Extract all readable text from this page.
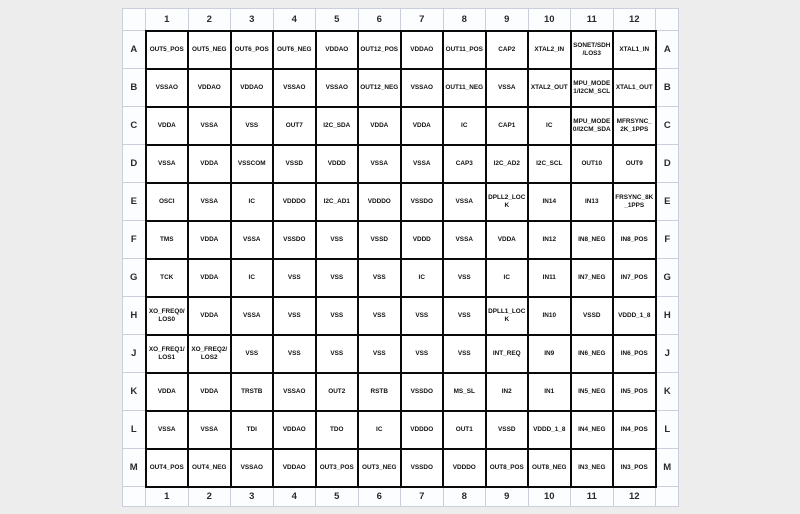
	1	2	3	4	5	6	7	8	9	10	11	12	
A	OUT5_POS	OUT5_NEG	OUT6_POS	OUT6_NEG	VDDAO	OUT12_POS	VDDAO	OUT11_POS	CAP2	XTAL2_IN	SONET/SDH/LOS3	XTAL1_IN	A
B	VSSAO	VDDAO	VDDAO	VSSAO	VSSAO	OUT12_NEG	VSSAO	OUT11_NEG	VSSA	XTAL2_OUT	MPU_MODE1/I2CM_SCL	XTAL1_OUT	B
C	VDDA	VSSA	VSS	OUT7	I2C_SDA	VDDA	VDDA	IC	CAP1	IC	MPU_MODE0/I2CM_SDA	MFRSYNC_2K_1PPS	C
D	VSSA	VDDA	VSSCOM	VSSD	VDDD	VSSA	VSSA	CAP3	I2C_AD2	I2C_SCL	OUT10	OUT9	D
E	OSCI	VSSA	IC	VDDDO	I2C_AD1	VDDDO	VSSDO	VSSA	DPLL2_LOCK	IN14	IN13	FRSYNC_8K_1PPS	E
F	TMS	VDDA	VSSA	VSSDO	VSS	VSSD	VDDD	VSSA	VDDA	IN12	IN8_NEG	IN8_POS	F
G	TCK	VDDA	IC	VSS	VSS	VSS	IC	VSS	IC	IN11	IN7_NEG	IN7_POS	G
H	XO_FREQ0/LOS0	VDDA	VSSA	VSS	VSS	VSS	VSS	VSS	DPLL1_LOCK	IN10	VSSD	VDDD_1_8	H
J	XO_FREQ1/LOS1	XO_FREQ2/LOS2	VSS	VSS	VSS	VSS	VSS	VSS	INT_REQ	IN9	IN6_NEG	IN6_POS	J
K	VDDA	VDDA	TRSTB	VSSAO	OUT2	RSTB	VSSDO	MS_SL	IN2	IN1	IN5_NEG	IN5_POS	K
L	VSSA	VSSA	TDI	VDDAO	TDO	IC	VDDDO	OUT1	VSSD	VDDD_1_8	IN4_NEG	IN4_POS	L
M	OUT4_POS	OUT4_NEG	VSSAO	VDDAO	OUT3_POS	OUT3_NEG	VSSDO	VDDDO	OUT8_POS	OUT8_NEG	IN3_NEG	IN3_POS	M
	1	2	3	4	5	6	7	8	9	10	11	12	
